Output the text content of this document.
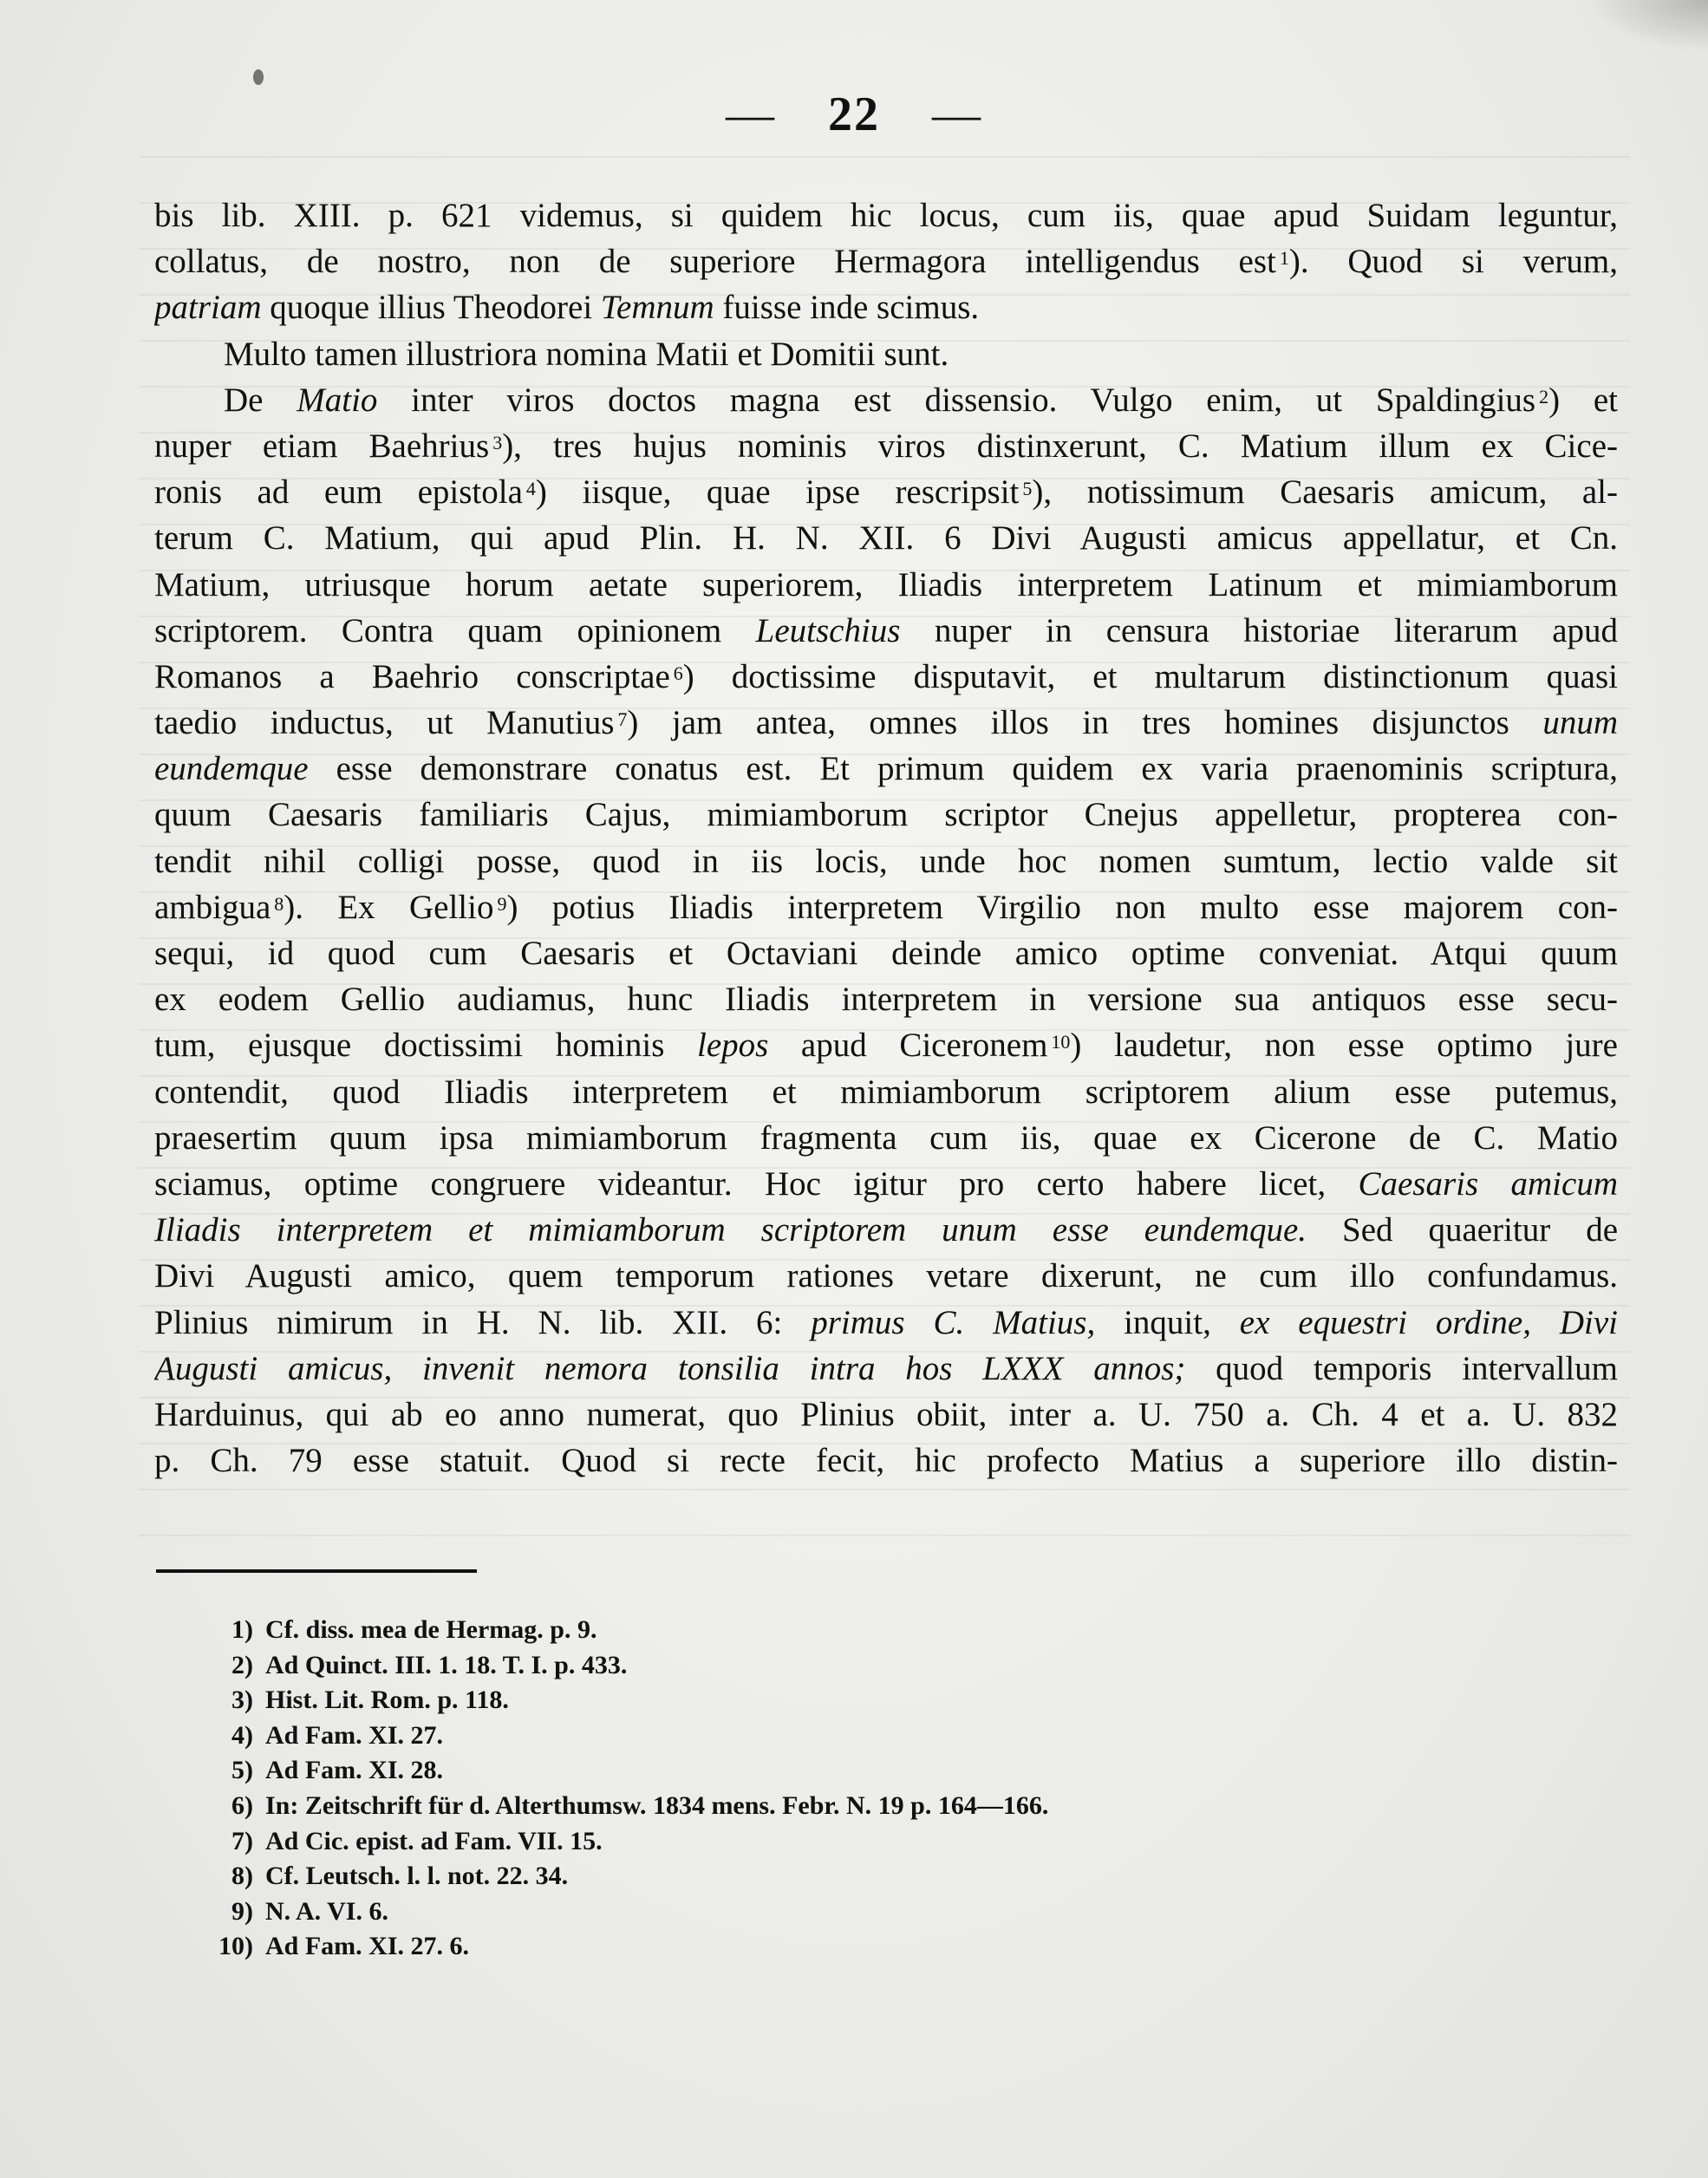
— 22 —
bis lib. XIII. p. 621 videmus, si quidem hic locus, cum iis, quae apud Suidam leguntur,
collatus, de nostro, non de superiore Hermagora intelligendus est $^1$). Quod si verum,
patriam quoque illius Theodorei Temnum fuisse inde scimus.
Multo tamen illustriora nomina Matii et Domitii sunt.
De Matio inter viros doctos magna est dissensio. Vulgo enim, ut Spaldingius $^2$) et
nuper etiam Baehrius $^3$), tres hujus nominis viros distinxerunt, C. Matium illum ex Cice-
ronis ad eum epistola $^4$) iisque, quae ipse rescripsit $^5$), notissimum Caesaris amicum, al-
terum C. Matium, qui apud Plin. H. N. XII. 6 Divi Augusti amicus appellatur, et Cn.
Matium, utriusque horum aetate superiorem, Iliadis interpretem Latinum et mimiamborum
scriptorem. Contra quam opinionem Leutschius nuper in censura historiae literarum apud
Romanos a Baehrio conscriptae $^6$) doctissime disputavit, et multarum distinctionum quasi
taedio inductus, ut Manutius $^7$) jam antea, omnes illos in tres homines disjunctos unum
eundemque esse demonstrare conatus est. Et primum quidem ex varia praenominis scriptura,
quum Caesaris familiaris Cajus, mimiamborum scriptor Cnejus appelletur, propterea con-
tendit nihil colligi posse, quod in iis locis, unde hoc nomen sumtum, lectio valde sit
ambigua $^8$). Ex Gellio $^9$) potius Iliadis interpretem Virgilio non multo esse majorem con-
sequi, id quod cum Caesaris et Octaviani deinde amico optime conveniat. Atqui quum
ex eodem Gellio audiamus, hunc Iliadis interpretem in versione sua antiquos esse secu-
tum, ejusque doctissimi hominis lepos apud Ciceronem $^{10}$) laudetur, non esse optimo jure
contendit, quod Iliadis interpretem et mimiamborum scriptorem alium esse putemus,
praesertim quum ipsa mimiamborum fragmenta cum iis, quae ex Cicerone de C. Matio
sciamus, optime congruere videantur. Hoc igitur pro certo habere licet, Caesaris amicum
Iliadis interpretem et mimiamborum scriptorem unum esse eundemque. Sed quaeritur de
Divi Augusti amico, quem temporum rationes vetare dixerunt, ne cum illo confundamus.
Plinius nimirum in H. N. lib. XII. 6: primus C. Matius, inquit, ex equestri ordine, Divi
Augusti amicus, invenit nemora tonsilia intra hos LXXX annos; quod temporis intervallum
Harduinus, qui ab eo anno numerat, quo Plinius obiit, inter a. U. 750 a. Ch. 4 et a. U. 832
p. Ch. 79 esse statuit. Quod si recte fecit, hic profecto Matius a superiore illo distin-
1) Cf. diss. mea de Hermag. p. 9.
2) Ad Quinct. III. 1. 18. T. I. p. 433.
3) Hist. Lit. Rom. p. 118.
4) Ad Fam. XI. 27.
5) Ad Fam. XI. 28.
6) In: Zeitschrift für d. Alterthumsw. 1834 mens. Febr. N. 19 p. 164—166.
7) Ad Cic. epist. ad Fam. VII. 15.
8) Cf. Leutsch. l. l. not. 22. 34.
9) N. A. VI. 6.
10) Ad Fam. XI. 27. 6.
